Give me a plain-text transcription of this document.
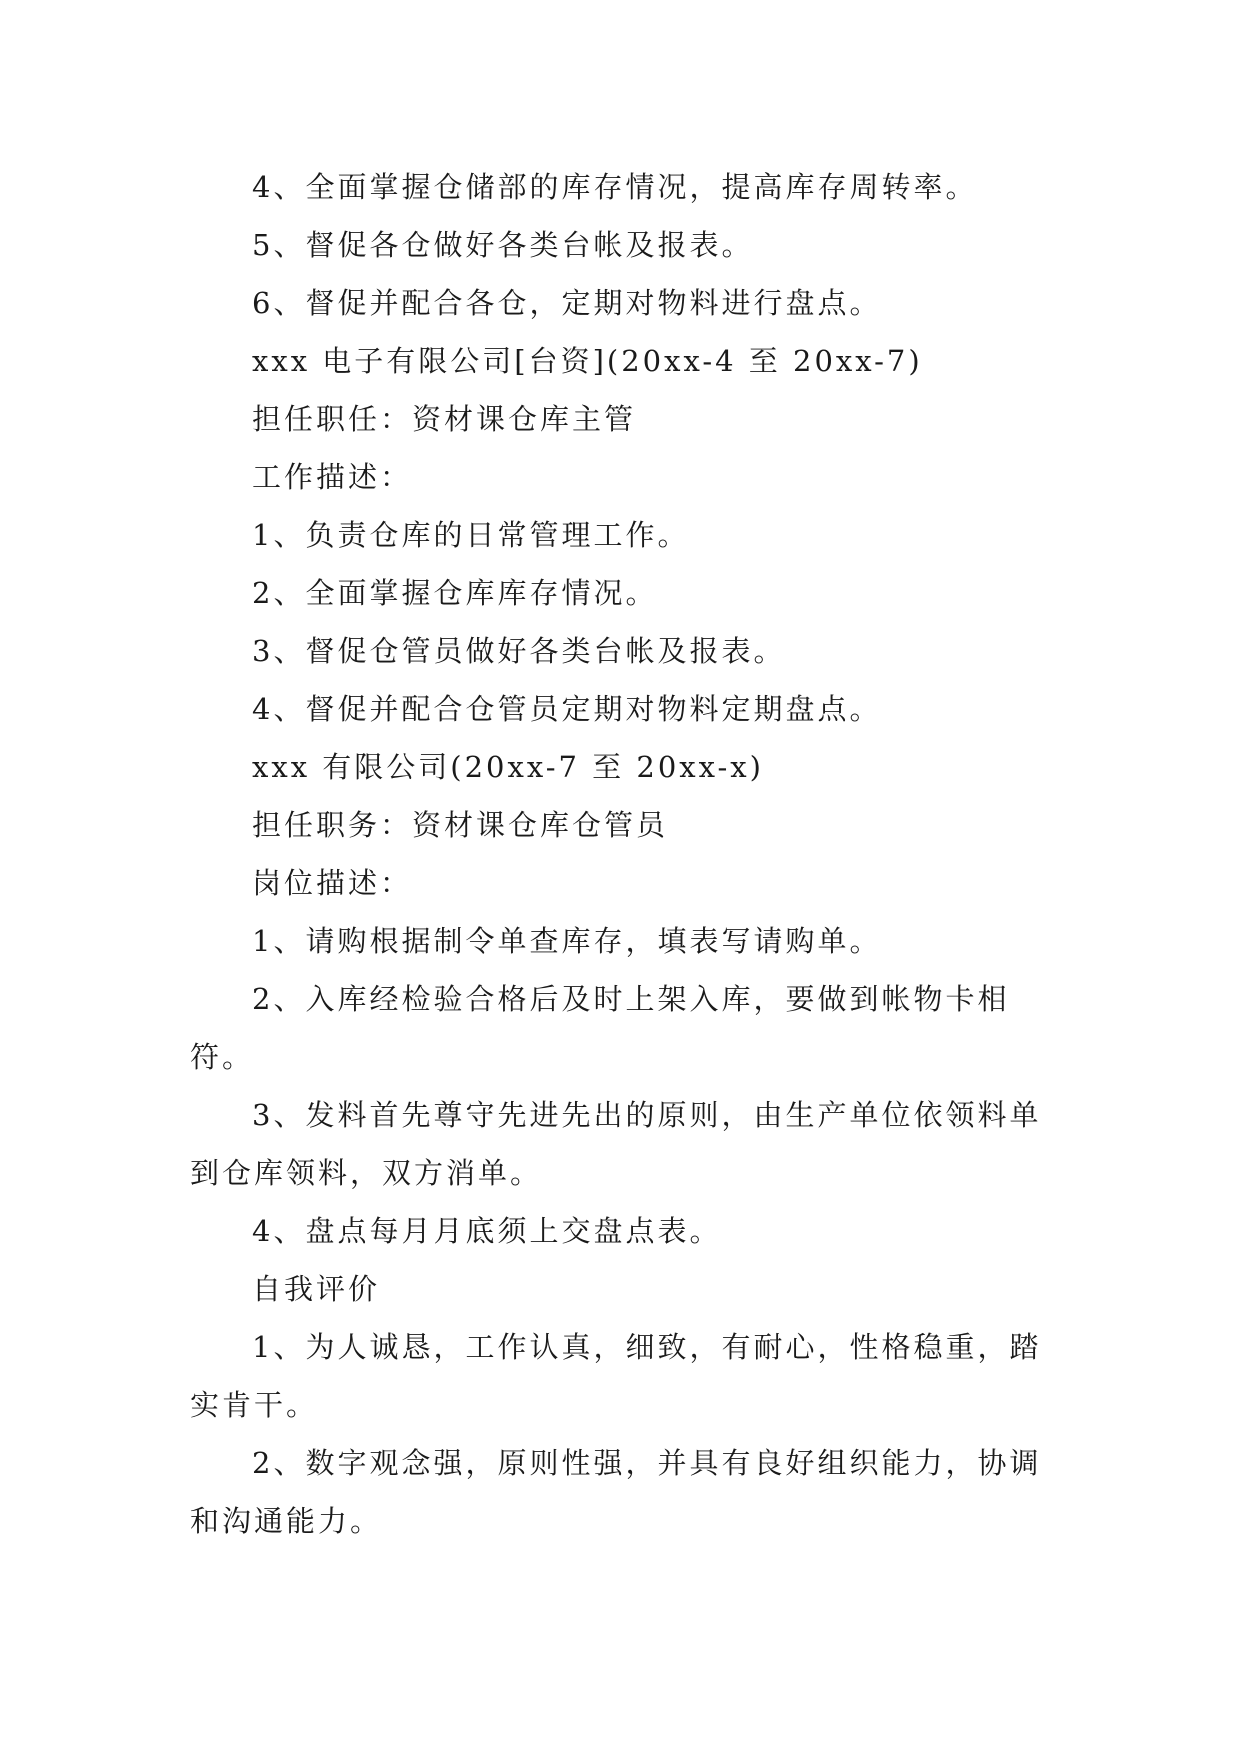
4、全面掌握仓储部的库存情况，提高库存周转率。

5、督促各仓做好各类台帐及报表。

6、督促并配合各仓，定期对物料进行盘点。

xxx 电子有限公司[台资](20xx-4 至 20xx-7)

担任职任：资材课仓库主管

工作描述：

1、负责仓库的日常管理工作。

2、全面掌握仓库库存情况。

3、督促仓管员做好各类台帐及报表。

4、督促并配合仓管员定期对物料定期盘点。

xxx 有限公司(20xx-7 至 20xx-x)

担任职务：资材课仓库仓管员

岗位描述：

1、请购根据制令单查库存，填表写请购单。

2、入库经检验合格后及时上架入库，要做到帐物卡相符。

3、发料首先尊守先进先出的原则，由生产单位依领料单到仓库领料，双方消单。

4、盘点每月月底须上交盘点表。

自我评价

1、为人诚恳，工作认真，细致，有耐心，性格稳重，踏实肯干。

2、数字观念强，原则性强，并具有良好组织能力，协调和沟通能力。
